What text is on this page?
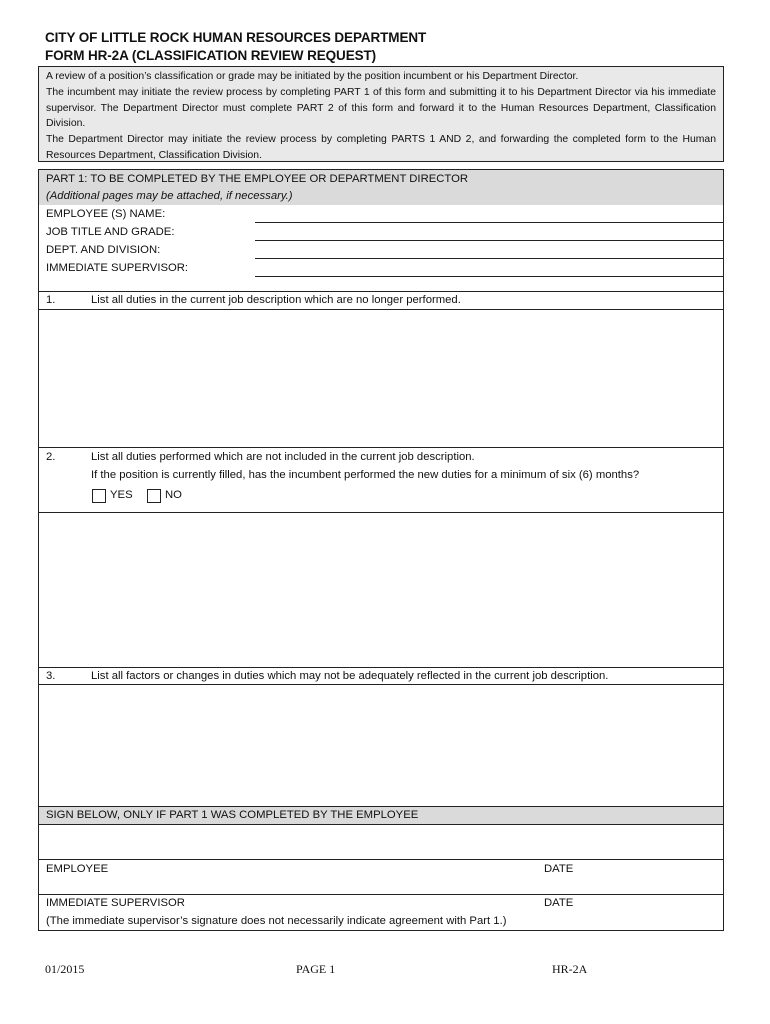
CITY OF LITTLE ROCK HUMAN RESOURCES DEPARTMENT
FORM HR-2A (CLASSIFICATION REVIEW REQUEST)

A review of a position’s classification or grade may be initiated by the position incumbent or his Department Director.

The incumbent may initiate the review process by completing PART 1 of this form and submitting it to his Department Director via his immediate supervisor. The Department Director must complete PART 2 of this form and forward it to the Human Resources Department, Classification Division.

The Department Director may initiate the review process by completing PARTS 1 AND 2, and forwarding the completed form to the Human Resources Department, Classification Division.

PART 1: TO BE COMPLETED BY THE EMPLOYEE OR DEPARTMENT DIRECTOR
(Additional pages may be attached, if necessary.)
EMPLOYEE (S) NAME:
JOB TITLE AND GRADE:
DEPT. AND DIVISION:
IMMEDIATE SUPERVISOR:
1.	List all duties in the current job description which are no longer performed.
2.	List all duties performed which are not included in the current job description.
If the position is currently filled, has the incumbent performed the new duties for a minimum of six (6) months?
YES	NO
3.	List all factors or changes in duties which may not be adequately reflected in the current job description.
SIGN BELOW, ONLY IF PART 1 WAS COMPLETED BY THE EMPLOYEE
EMPLOYEE	DATE
IMMEDIATE SUPERVISOR	DATE
(The immediate supervisor’s signature does not necessarily indicate agreement with Part 1.)
01/2015	PAGE 1	HR-2A
